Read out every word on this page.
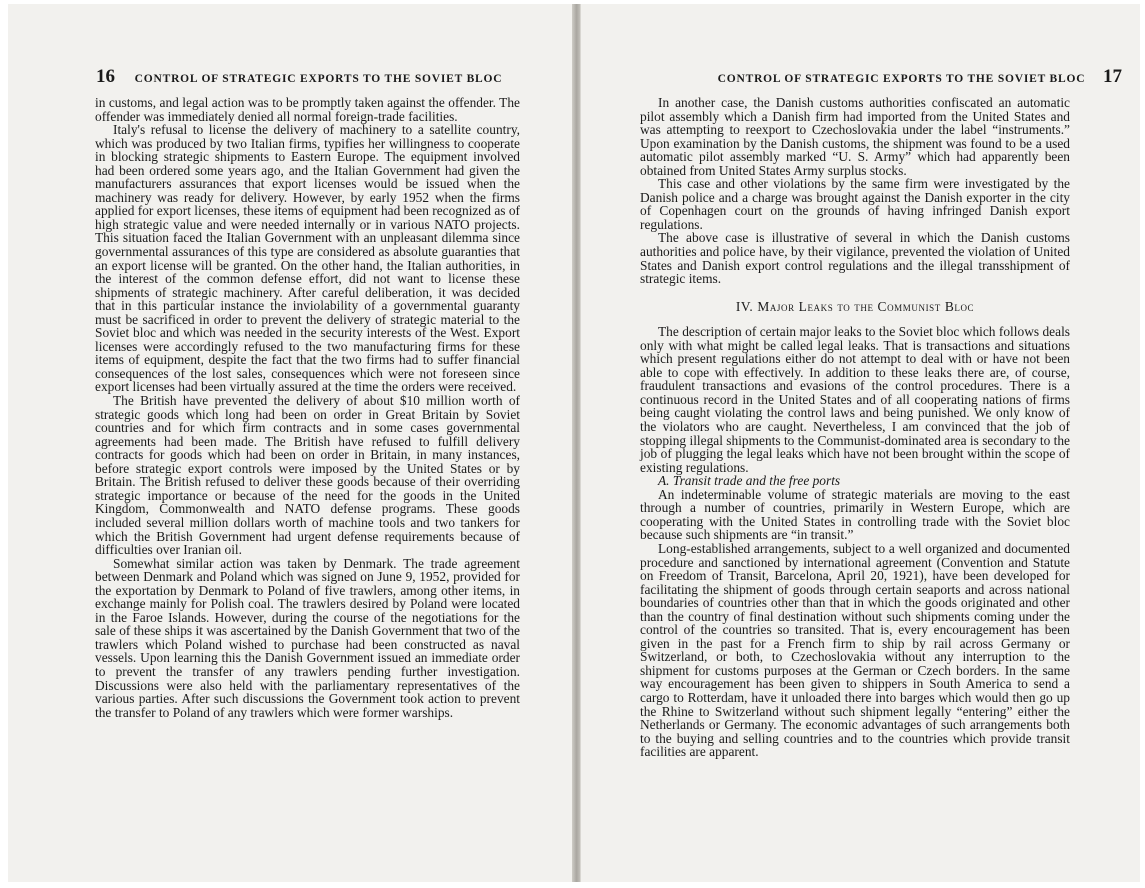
16 CONTROL OF STRATEGIC EXPORTS TO THE SOVIET BLOC

in customs, and legal action was to be promptly taken against the offender. The offender was immediately denied all normal foreign-trade facilities.

Italy's refusal to license the delivery of machinery to a satellite country, which was produced by two Italian firms, typifies her willingness to cooperate in blocking strategic shipments to Eastern Europe. The equipment involved had been ordered some years ago, and the Italian Government had given the manufacturers assurances that export licenses would be issued when the machinery was ready for delivery. However, by early 1952 when the firms applied for export licenses, these items of equipment had been recognized as of high strategic value and were needed internally or in various NATO projects. This situation faced the Italian Government with an unpleasant dilemma since governmental assurances of this type are considered as absolute guaranties that an export license will be granted. On the other hand, the Italian authorities, in the interest of the common defense effort, did not want to license these shipments of strategic machinery. After careful deliberation, it was decided that in this particular instance the inviolability of a governmental guaranty must be sacrificed in order to prevent the delivery of strategic material to the Soviet bloc and which was needed in the security interests of the West. Export licenses were accordingly refused to the two manufacturing firms for these items of equipment, despite the fact that the two firms had to suffer financial consequences of the lost sales, consequences which were not foreseen since export licenses had been virtually assured at the time the orders were received.

The British have prevented the delivery of about $10 million worth of strategic goods which long had been on order in Great Britain by Soviet countries and for which firm contracts and in some cases governmental agreements had been made. The British have refused to fulfill delivery contracts for goods which had been on order in Britain, in many instances, before strategic export controls were imposed by the United States or by Britain. The British refused to deliver these goods because of their overriding strategic importance or because of the need for the goods in the United Kingdom, Commonwealth and NATO defense programs. These goods included several million dollars worth of machine tools and two tankers for which the British Government had urgent defense requirements because of difficulties over Iranian oil.

Somewhat similar action was taken by Denmark. The trade agreement between Denmark and Poland which was signed on June 9, 1952, provided for the exportation by Denmark to Poland of five trawlers, among other items, in exchange mainly for Polish coal. The trawlers desired by Poland were located in the Faroe Islands. However, during the course of the negotiations for the sale of these ships it was ascertained by the Danish Government that two of the trawlers which Poland wished to purchase had been constructed as naval vessels. Upon learning this the Danish Government issued an immediate order to prevent the transfer of any trawlers pending further investigation. Discussions were also held with the parliamentary representatives of the various parties. After such discussions the Government took action to prevent the transfer to Poland of any trawlers which were former warships.

CONTROL OF STRATEGIC EXPORTS TO THE SOVIET BLOC 17

In another case, the Danish customs authorities confiscated an automatic pilot assembly which a Danish firm had imported from the United States and was attempting to reexport to Czechoslovakia under the label “instruments.” Upon examination by the Danish customs, the shipment was found to be a used automatic pilot assembly marked “U. S. Army” which had apparently been obtained from United States Army surplus stocks.

This case and other violations by the same firm were investigated by the Danish police and a charge was brought against the Danish exporter in the city of Copenhagen court on the grounds of having infringed Danish export regulations.

The above case is illustrative of several in which the Danish customs authorities and police have, by their vigilance, prevented the violation of United States and Danish export control regulations and the illegal transshipment of strategic items.

IV. Major Leaks to the Communist Bloc

The description of certain major leaks to the Soviet bloc which follows deals only with what might be called legal leaks. That is transactions and situations which present regulations either do not attempt to deal with or have not been able to cope with effectively. In addition to these leaks there are, of course, fraudulent transactions and evasions of the control procedures. There is a continuous record in the United States and of all cooperating nations of firms being caught violating the control laws and being punished. We only know of the violators who are caught. Nevertheless, I am convinced that the job of stopping illegal shipments to the Communist-dominated area is secondary to the job of plugging the legal leaks which have not been brought within the scope of existing regulations.

A. Transit trade and the free ports

An indeterminable volume of strategic materials are moving to the east through a number of countries, primarily in Western Europe, which are cooperating with the United States in controlling trade with the Soviet bloc because such shipments are “in transit.”

Long-established arrangements, subject to a well organized and documented procedure and sanctioned by international agreement (Convention and Statute on Freedom of Transit, Barcelona, April 20, 1921), have been developed for facilitating the shipment of goods through certain seaports and across national boundaries of countries other than that in which the goods originated and other than the country of final destination without such shipments coming under the control of the countries so transited. That is, every encouragement has been given in the past for a French firm to ship by rail across Germany or Switzerland, or both, to Czechoslovakia without any interruption to the shipment for customs purposes at the German or Czech borders. In the same way encouragement has been given to shippers in South America to send a cargo to Rotterdam, have it unloaded there into barges which would then go up the Rhine to Switzerland without such shipment legally “entering” either the Netherlands or Germany. The economic advantages of such arrangements both to the buying and selling countries and to the countries which provide transit facilities are apparent.
